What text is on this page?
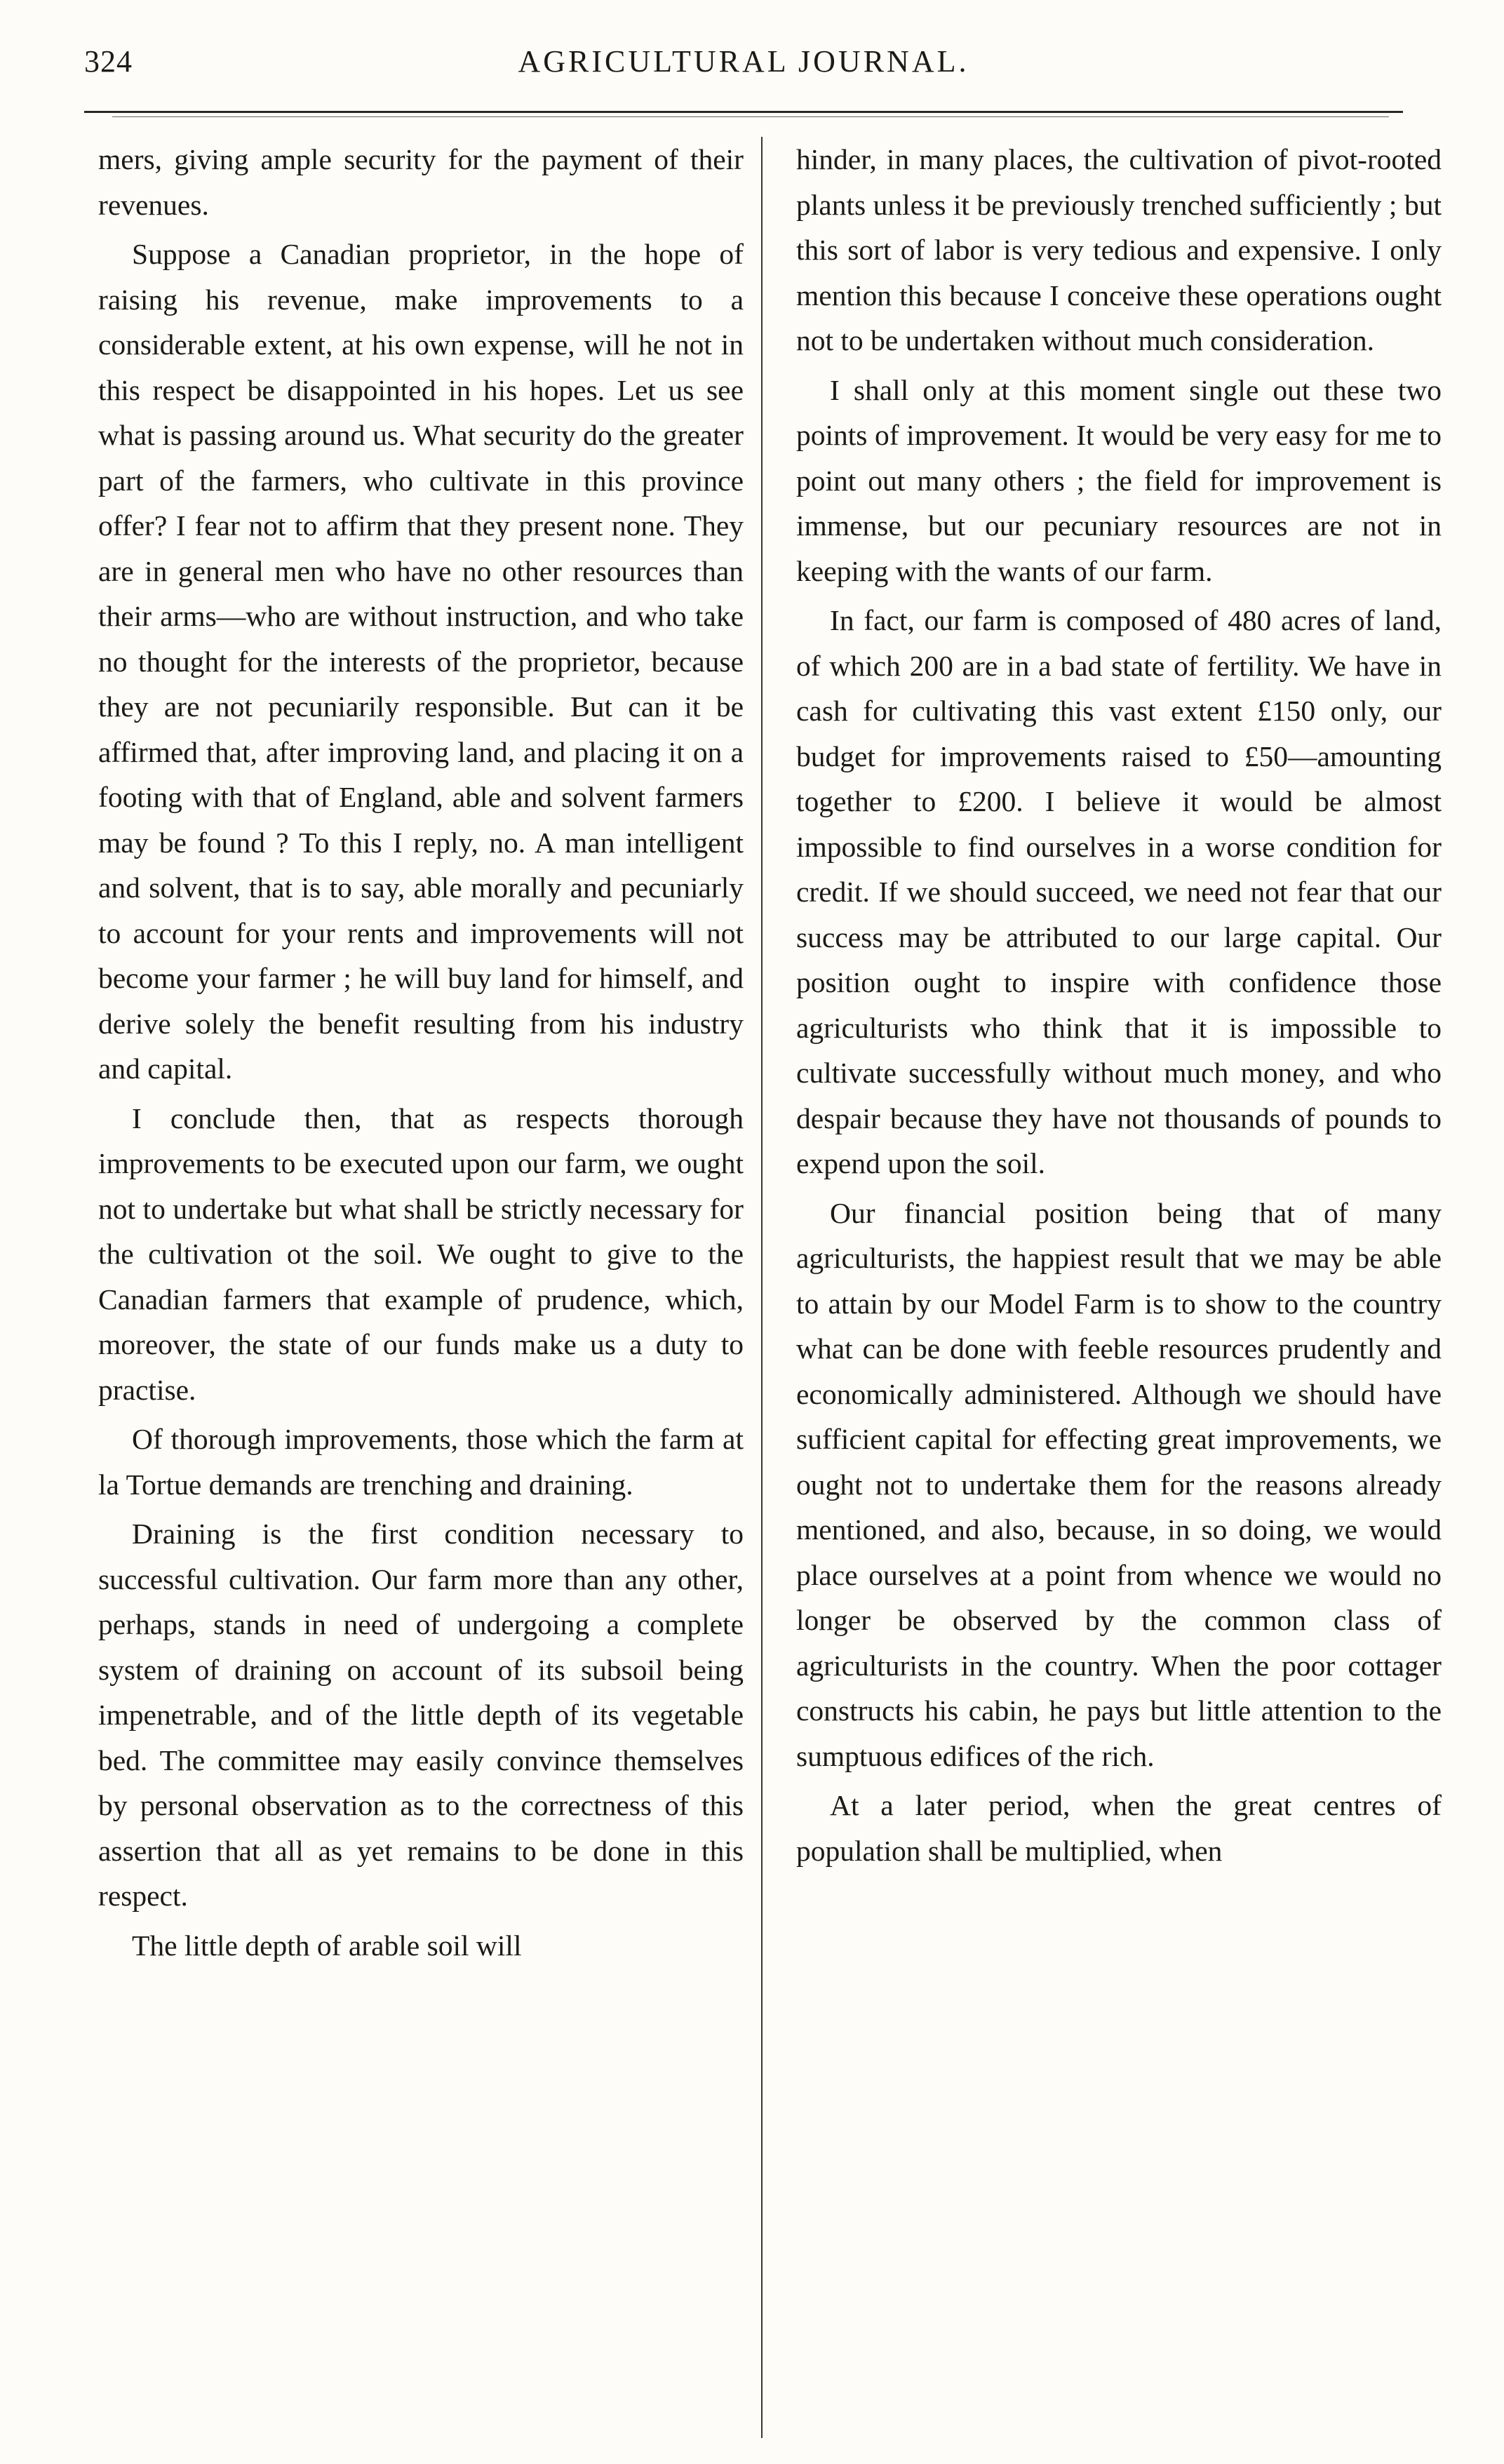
324	AGRICULTURAL JOURNAL.

mers, giving ample security for the payment of their revenues.

Suppose a Canadian proprietor, in the hope of raising his revenue, make improvements to a considerable extent, at his own expense, will he not in this respect be disappointed in his hopes. Let us see what is passing around us. What security do the greater part of the farmers, who cultivate in this province offer? I fear not to affirm that they present none. They are in general men who have no other resources than their arms—who are without instruction, and who take no thought for the interests of the proprietor, because they are not pecuniarily responsible. But can it be affirmed that, after improving land, and placing it on a footing with that of England, able and solvent farmers may be found ? To this I reply, no. A man intelligent and solvent, that is to say, able morally and pecuniarly to account for your rents and improvements will not become your farmer ; he will buy land for himself, and derive solely the benefit resulting from his industry and capital.

I conclude then, that as respects thorough improvements to be executed upon our farm, we ought not to undertake but what shall be strictly necessary for the cultivation ot the soil. We ought to give to the Canadian farmers that example of prudence, which, moreover, the state of our funds make us a duty to practise.

Of thorough improvements, those which the farm at la Tortue demands are trenching and draining.

Draining is the first condition necessary to successful cultivation. Our farm more than any other, perhaps, stands in need of undergoing a complete system of draining on account of its subsoil being impenetrable, and of the little depth of its vegetable bed. The committee may easily convince themselves by personal observation as to the correctness of this assertion that all as yet remains to be done in this respect.

The little depth of arable soil will

hinder, in many places, the cultivation of pivot-rooted plants unless it be previously trenched sufficiently ; but this sort of labor is very tedious and expensive. I only mention this because I conceive these operations ought not to be undertaken without much consideration.

I shall only at this moment single out these two points of improvement. It would be very easy for me to point out many others ; the field for improvement is immense, but our pecuniary resources are not in keeping with the wants of our farm.

In fact, our farm is composed of 480 acres of land, of which 200 are in a bad state of fertility. We have in cash for cultivating this vast extent £150 only, our budget for improvements raised to £50—amounting together to £200. I believe it would be almost impossible to find ourselves in a worse condition for credit. If we should succeed, we need not fear that our success may be attributed to our large capital. Our position ought to inspire with confidence those agriculturists who think that it is impossible to cultivate successfully without much money, and who despair because they have not thousands of pounds to expend upon the soil.

Our financial position being that of many agriculturists, the happiest result that we may be able to attain by our Model Farm is to show to the country what can be done with feeble resources prudently and economically administered. Although we should have sufficient capital for effecting great improvements, we ought not to undertake them for the reasons already mentioned, and also, because, in so doing, we would place ourselves at a point from whence we would no longer be observed by the common class of agriculturists in the country. When the poor cottager constructs his cabin, he pays but little attention to the sumptuous edifices of the rich.

At a later period, when the great centres of population shall be multiplied, when
